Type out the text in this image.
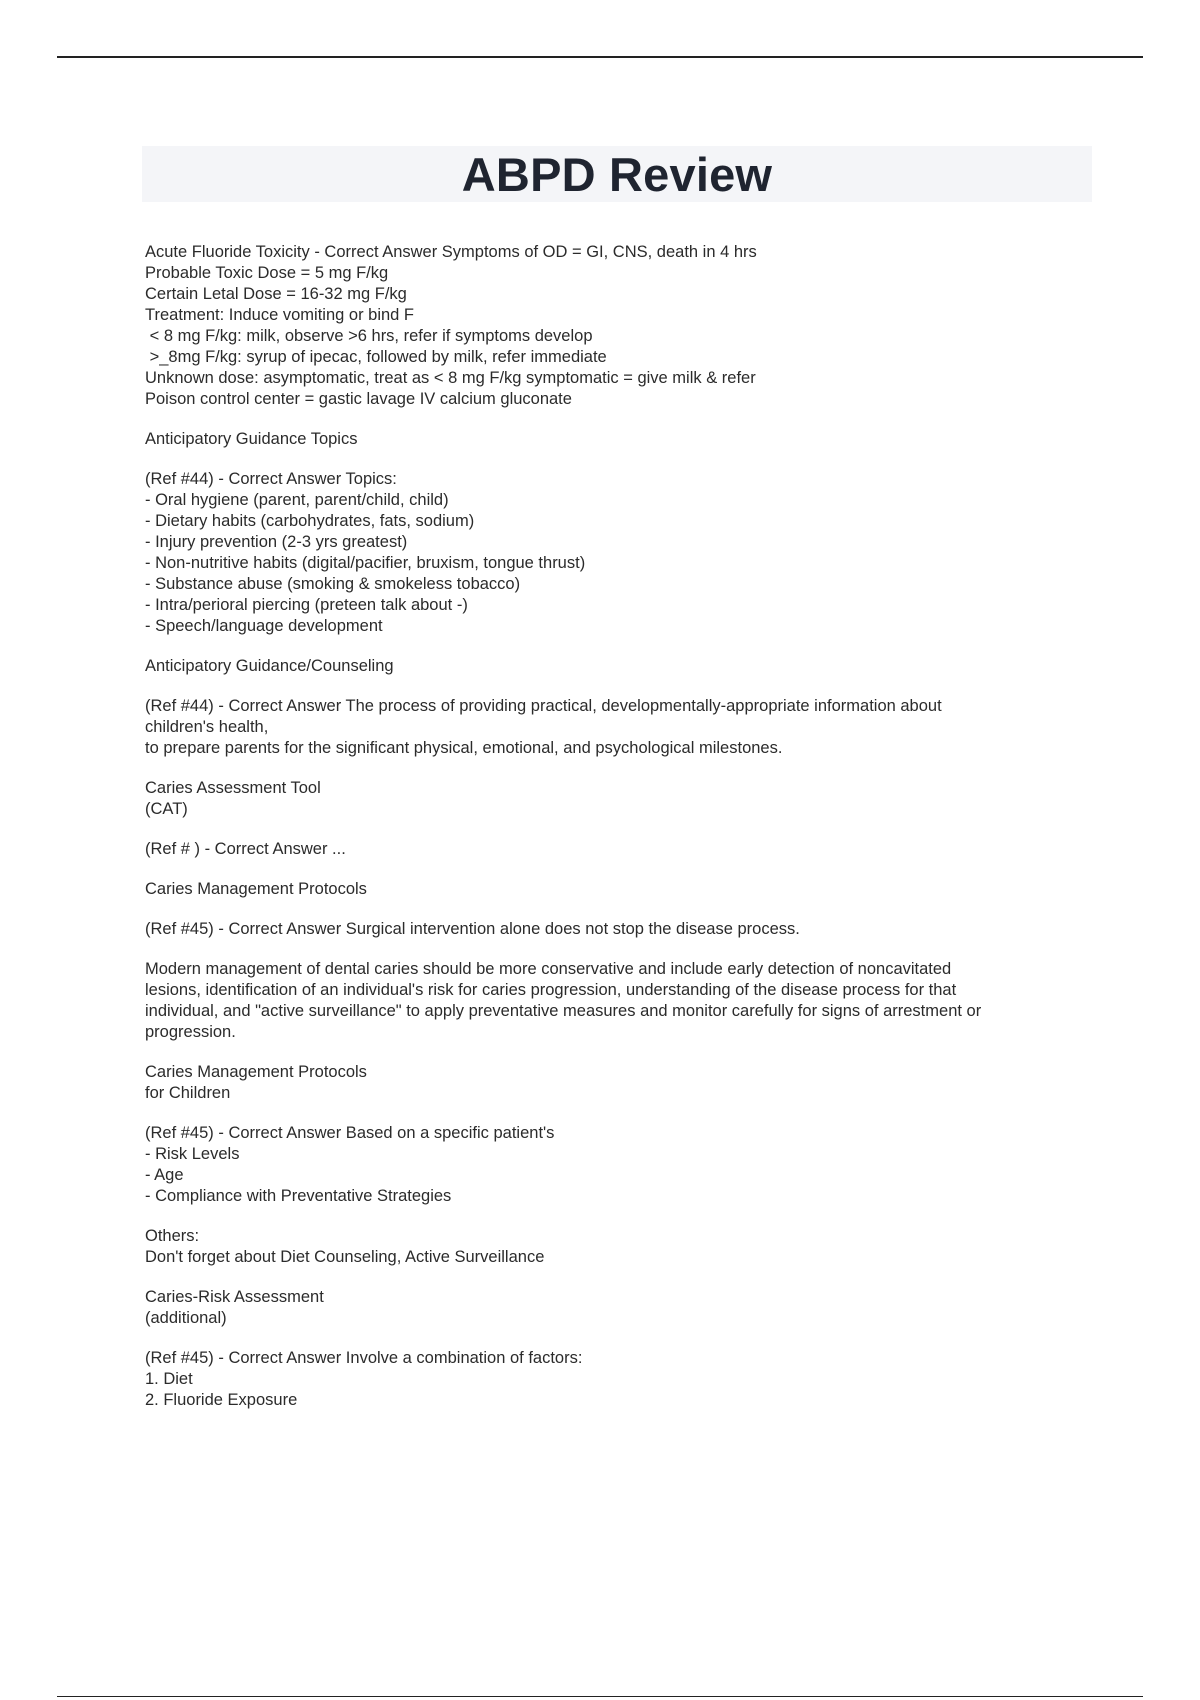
ABPD Review
Acute Fluoride Toxicity - Correct Answer Symptoms of OD = GI, CNS, death in 4 hrs
Probable Toxic Dose = 5 mg F/kg
Certain Letal Dose = 16-32 mg F/kg
Treatment: Induce vomiting or bind F
< 8 mg F/kg: milk, observe >6 hrs, refer if symptoms develop
>_8mg F/kg: syrup of ipecac, followed by milk, refer immediate
Unknown dose: asymptomatic, treat as < 8 mg F/kg symptomatic = give milk & refer
Poison control center = gastic lavage IV calcium gluconate
Anticipatory Guidance Topics
(Ref #44) - Correct Answer Topics:
- Oral hygiene (parent, parent/child, child)
- Dietary habits (carbohydrates, fats, sodium)
- Injury prevention (2-3 yrs greatest)
- Non-nutritive habits (digital/pacifier, bruxism, tongue thrust)
- Substance abuse (smoking & smokeless tobacco)
- Intra/perioral piercing (preteen talk about -)
- Speech/language development
Anticipatory Guidance/Counseling
(Ref #44) - Correct Answer The process of providing practical, developmentally-appropriate information about
children's health,
to prepare parents for the significant physical, emotional, and psychological milestones.
Caries Assessment Tool
(CAT)
(Ref # ) - Correct Answer ...
Caries Management Protocols
(Ref #45) - Correct Answer Surgical intervention alone does not stop the disease process.
Modern management of dental caries should be more conservative and include early detection of noncavitated
lesions, identification of an individual's risk for caries progression, understanding of the disease process for that
individual, and "active surveillance" to apply preventative measures and monitor carefully for signs of arrestment or
progression.
Caries Management Protocols
for Children
(Ref #45) - Correct Answer Based on a specific patient's
- Risk Levels
- Age
- Compliance with Preventative Strategies
Others:
Don't forget about Diet Counseling, Active Surveillance
Caries-Risk Assessment
(additional)
(Ref #45) - Correct Answer Involve a combination of factors:
1. Diet
2. Fluoride Exposure
